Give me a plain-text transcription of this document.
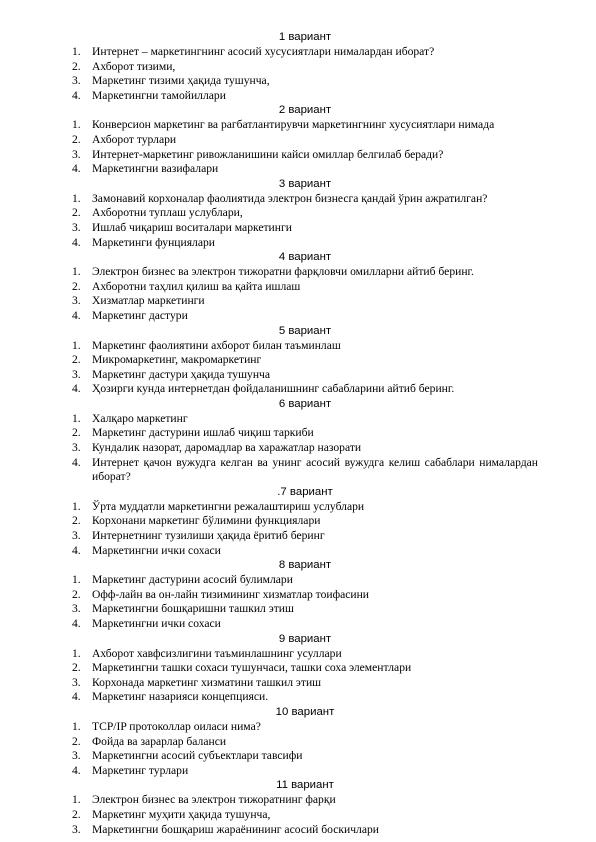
1 вариант
1. Интернет – маркетингнинг асосий хусусиятлари нималардан иборат?
2. Ахборот тизими,
3. Маркетинг тизими ҳақида тушунча,
4. Маркетингни тамойиллари
2 вариант
1. Конверсион маркетинг ва рагбатлантирувчи маркетингнинг хусусиятлари нимада
2. Ахборот турлари
3. Интернет-маркетинг ривожланишини кайси омиллар белгилаб беради?
4. Маркетингни вазифалари
3 вариант
1. Замонавий корхоналар фаолиятида электрон бизнесга қандай ўрин ажратилган?
2. Ахборотни туплаш услублари,
3. Ишлаб чиқариш воситалари маркетинги
4. Маркетинги фунциялари
4 вариант
1. Электрон бизнес ва электрон тижоратни фарқловчи омилларни айтиб беринг.
2. Ахборотни таҳлил қилиш ва қайта ишлаш
3. Хизматлар маркетинги
4. Маркетинг дастури
5 вариант
1. Маркетинг фаолиятини ахборот билан таъминлаш
2. Микромаркетинг, макромаркетинг
3. Маркетинг дастури ҳақида тушунча
4. Ҳозирги кунда интернетдан фойдаланишнинг сабабларини айтиб беринг.
6 вариант
1. Халқаро маркетинг
2. Маркетинг дастурини ишлаб чиқиш таркиби
3. Кундалик назорат, даромадлар ва харажатлар назорати
4. Интернет қачон вужудга келган ва унинг асосий вужудга келиш сабаблари нималардан иборат?
.7 вариант
1. Ўрта муддатли маркетингни режалаштириш услублари
2. Корхонани маркетинг бўлимини функциялари
3. Интернетнинг тузилиши ҳақида ёритиб беринг
4. Маркетингни ички сохаси
8 вариант
1. Маркетинг дастурини асосий булимлари
2. Офф-лайн ва он-лайн тизимининг хизматлар тоифасини
3. Маркетингни бошқаришни ташкил этиш
4. Маркетингни ички сохаси
9 вариант
1. Ахборот хавфсизлигини таъминлашнинг усуллари
2. Маркетингни ташки сохаси тушунчаси, ташки соха элементлари
3. Корхонада маркетинг хизматини ташкил этиш
4. Маркетинг назарияси концепцияси.
10 вариант
1. TCP/IP протоколлар оиласи нима?
2. Фойда ва зарарлар баланси
3. Маркетингни асосий субъектлари тавсифи
4. Маркетинг турлари
11 вариант
1. Электрон бизнес ва электрон тижоратнинг фарқи
2. Маркетинг муҳити ҳақида тушунча,
3. Маркетингни бошқариш жараёнининг асосий боскичлари
